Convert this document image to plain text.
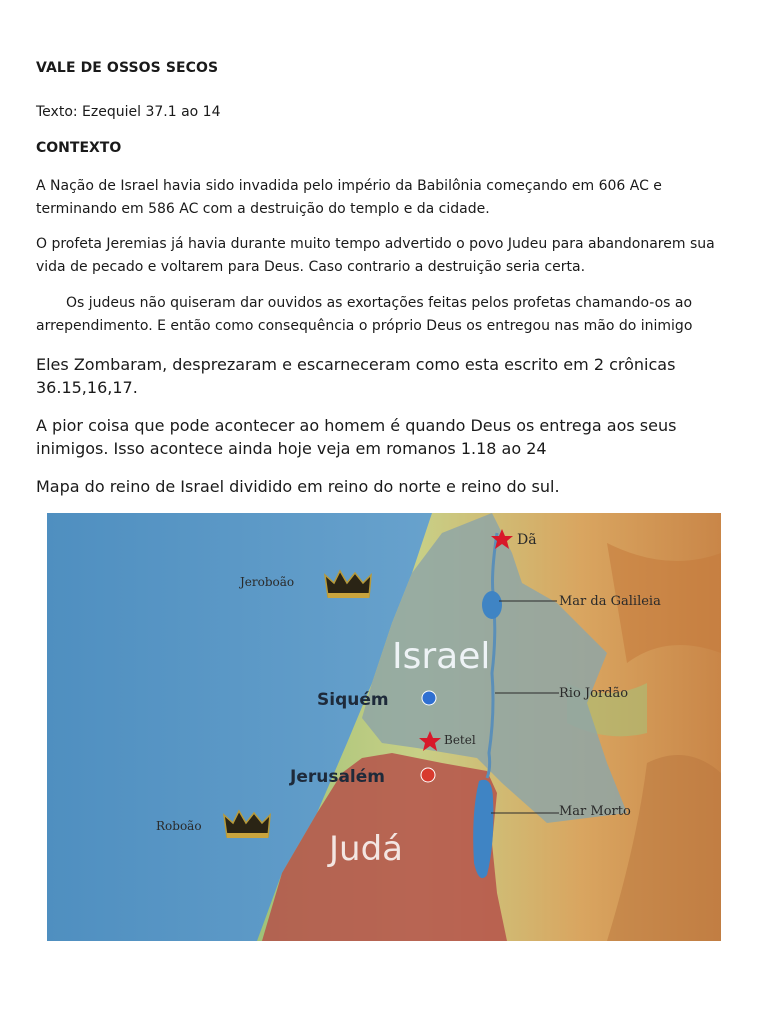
VALE DE OSSOS SECOS
Texto: Ezequiel 37.1 ao 14
CONTEXTO
A Nação de Israel havia sido invadida pelo império da Babilônia começando em 606 AC e terminando em 586 AC com a destruição do templo e da cidade.
O profeta Jeremias já havia durante muito tempo advertido o povo Judeu para abandonarem sua vida de pecado e voltarem para Deus. Caso contrario a destruição seria certa.
Os judeus não quiseram dar ouvidos as exortações feitas pelos profetas chamando-os ao arrependimento. E então como consequência o próprio Deus os entregou nas mão do inimigo
Eles Zombaram, desprezaram e escarneceram como esta escrito em 2 crônicas 36.15,16,17.
A pior coisa que pode acontecer ao homem é quando Deus os entrega aos seus inimigos. Isso acontece ainda hoje veja em romanos 1.18 ao 24
Mapa do reino de Israel dividido em reino do norte e reino do sul.
Dã
Jeroboão
Mar da Galileia
Israel
Siquém	Rio Jordão
Betel
Jerusalém
Mar Morto
Roboão
Judá
